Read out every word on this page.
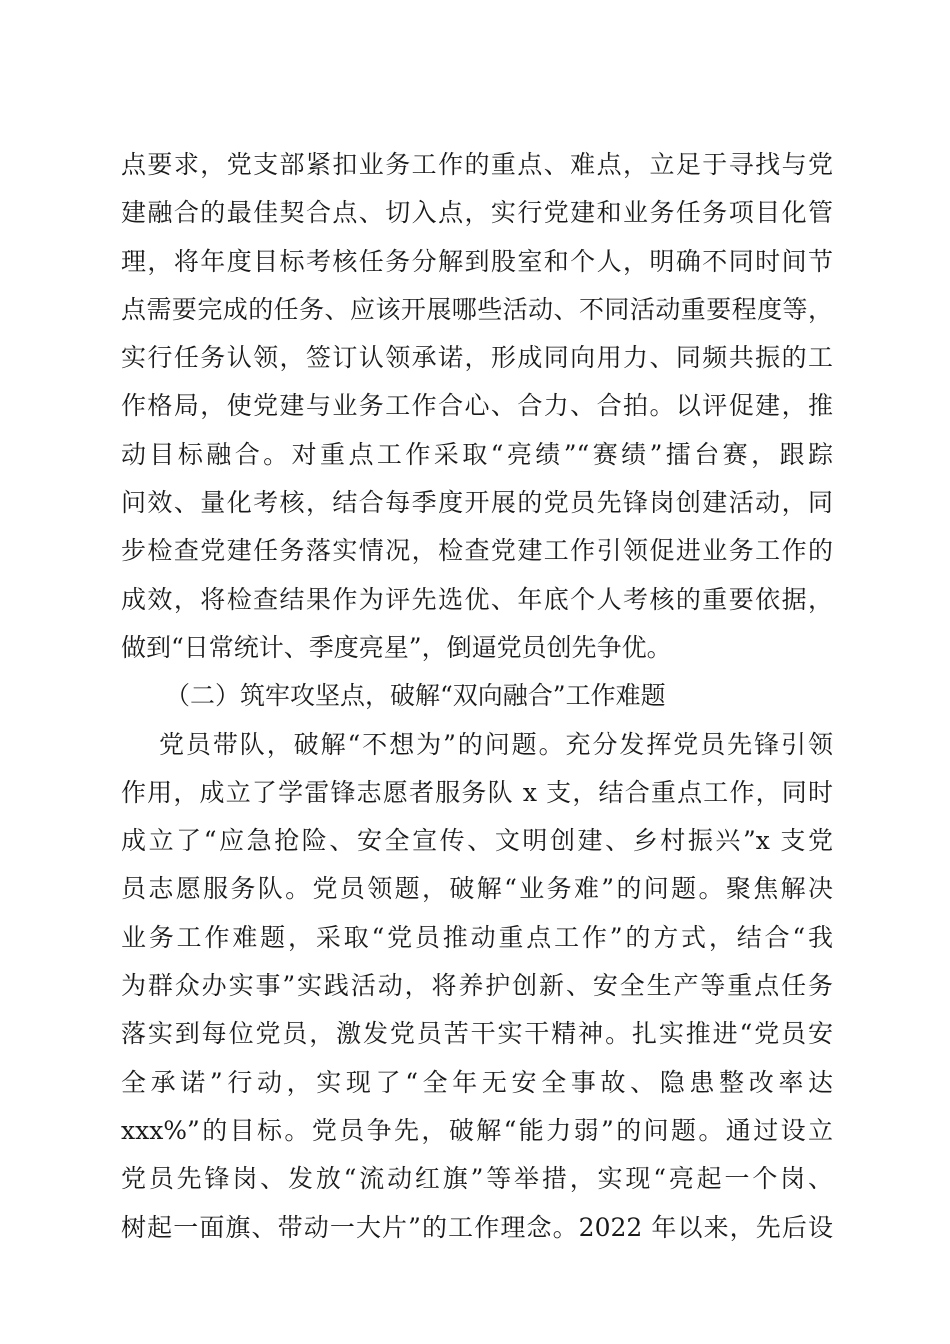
点要求，党支部紧扣业务工作的重点、难点，立足于寻找与党
建融合的最佳契合点、切入点，实行党建和业务任务项目化管
理，将年度目标考核任务分解到股室和个人，明确不同时间节
点需要完成的任务、应该开展哪些活动、不同活动重要程度等，
实行任务认领，签订认领承诺，形成同向用力、同频共振的工
作格局，使党建与业务工作合心、合力、合拍。以评促建，推
动目标融合。对重点工作采取“亮绩”“赛绩”擂台赛，跟踪
问效、量化考核，结合每季度开展的党员先锋岗创建活动，同
步检查党建任务落实情况，检查党建工作引领促进业务工作的
成效，将检查结果作为评先选优、年底个人考核的重要依据，
做到“日常统计、季度亮星”，倒逼党员创先争优。
（二）筑牢攻坚点，破解“双向融合”工作难题
党员带队，破解“不想为”的问题。充分发挥党员先锋引领
作用，成立了学雷锋志愿者服务队 x 支，结合重点工作，同时
成立了“应急抢险、安全宣传、文明创建、乡村振兴”x 支党
员志愿服务队。党员领题，破解“业务难”的问题。聚焦解决
业务工作难题，采取“党员推动重点工作”的方式，结合“我
为群众办实事”实践活动，将养护创新、安全生产等重点任务
落实到每位党员，激发党员苦干实干精神。扎实推进“党员安
全承诺”行动，实现了“全年无安全事故、隐患整改率达
xxx%”的目标。党员争先，破解“能力弱”的问题。通过设立
党员先锋岗、发放“流动红旗”等举措，实现“亮起一个岗、
树起一面旗、带动一大片”的工作理念。2022 年以来，先后设
